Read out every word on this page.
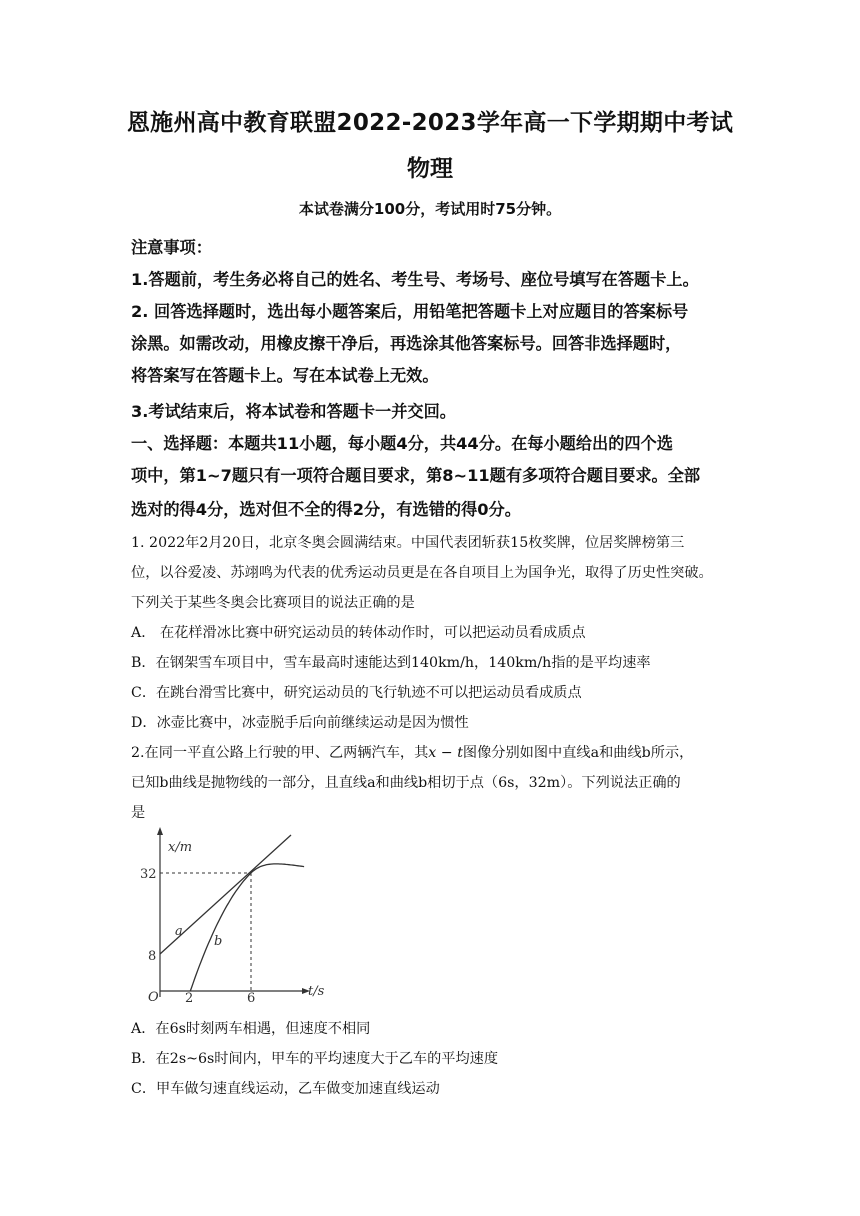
恩施州高中教育联盟2022-2023学年高一下学期期中考试
物理
本试卷满分100分，考试用时75分钟。
注意事项：
1.答题前，考生务必将自己的姓名、考生号、考场号、座位号填写在答题卡上。
2. 回答选择题时，选出每小题答案后，用铅笔把答题卡上对应题目的答案标号
涂黑。如需改动，用橡皮擦干净后，再选涂其他答案标号。回答非选择题时，
将答案写在答题卡上。写在本试卷上无效。
3.考试结束后，将本试卷和答题卡一并交回。
一、选择题：本题共11小题，每小题4分，共44分。在每小题给出的四个选
项中，第1~7题只有一项符合题目要求，第8~11题有多项符合题目要求。全部
选对的得4分，选对但不全的得2分，有选错的得0分。
1. 2022年2月20日，北京冬奥会圆满结束。中国代表团斩获15枚奖牌，位居奖牌榜第三
位，以谷爱凌、苏翊鸣为代表的优秀运动员更是在各自项目上为国争光，取得了历史性突破。
下列关于某些冬奥会比赛项目的说法正确的是
A． 在花样滑冰比赛中研究运动员的转体动作时，可以把运动员看成质点
B．在钢架雪车项目中，雪车最高时速能达到140km/h，140km/h指的是平均速率
C．在跳台滑雪比赛中，研究运动员的飞行轨迹不可以把运动员看成质点
D．冰壶比赛中，冰壶脱手后向前继续运动是因为惯性
2.在同一平直公路上行驶的甲、乙两辆汽车，其x − t图像分别如图中直线a和曲线b所示，
已知b曲线是抛物线的一部分，且直线a和曲线b相切于点（6s，32m）。下列说法正确的
是
x/m
t/s
O
32
8
2	6
a
b
A．在6s时刻两车相遇，但速度不相同
B．在2s~6s时间内，甲车的平均速度大于乙车的平均速度
C．甲车做匀速直线运动，乙车做变加速直线运动
